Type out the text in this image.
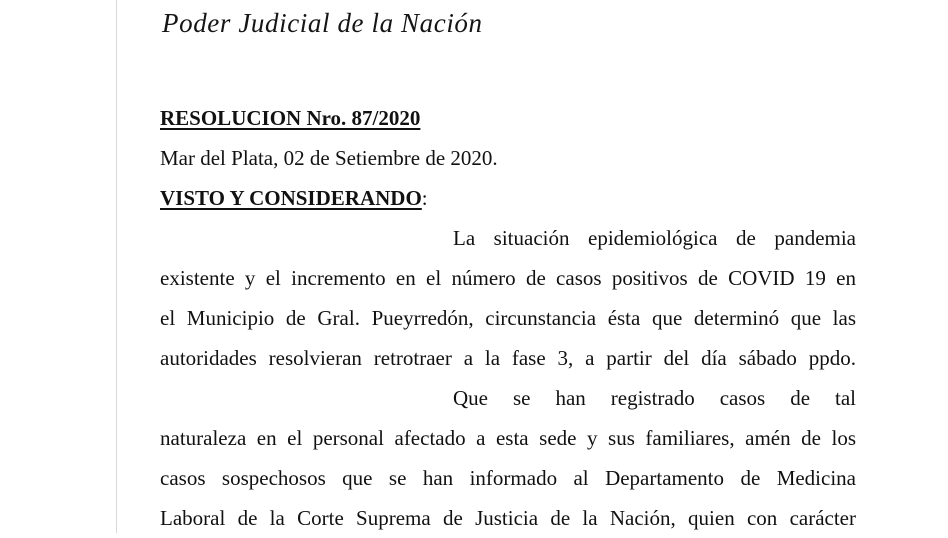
Poder Judicial de la Nación
RESOLUCION Nro. 87/2020
Mar del Plata, 02 de Setiembre de 2020.
VISTO Y CONSIDERANDO:
La situación epidemiológica de pandemia
existente y el incremento en el número de casos positivos de COVID 19 en
el Municipio de Gral. Pueyrredón, circunstancia ésta que determinó que las
autoridades resolvieran retrotraer a la fase 3, a partir del día sábado ppdo.
Que se han registrado casos de tal
naturaleza en el personal afectado a esta sede y sus familiares, amén de los
casos sospechosos que se han informado al Departamento de Medicina
Laboral de la Corte Suprema de Justicia de la Nación, quien con carácter
